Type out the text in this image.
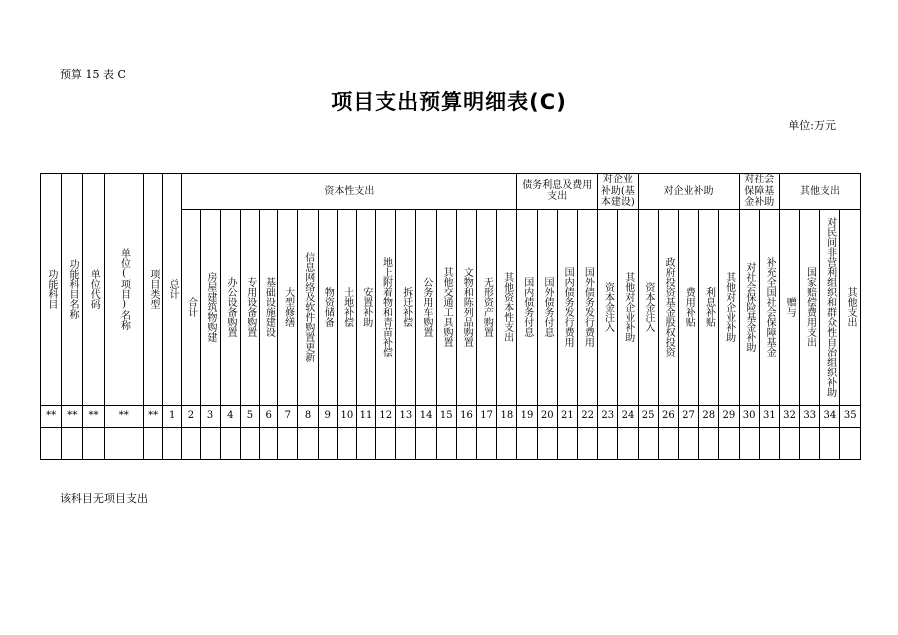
预算 15 表 C
项目支出预算明细表(C)
单位:万元
功能科目	功能科目名称	单位代码	单位(项目)名称	项目类型	总计	资本性支出																	债务利息及费用支出				对企业补助(基本建设)		对企业补助					对社会保障基金补助		其他支出			

						合计	房屋建筑物购建	办公设备购置	专用设备购置	基础设施建设	大型修缮	信息网络及软件购置更新	物资储备	土地补偿	安置补助	地上附着物和青苗补偿	拆迁补偿	公务用车购置	其他交通工具购置	文物和陈列品购置	无形资产购置	其他资本性支出	国内债务付息	国外债务付息	国内债务发行费用	国外债务发行费用	资本金注入	其他对企业补助	资本金注入	政府投资基金股权投资	费用补贴	利息补贴	其他对企业补助	对社会保险基金补助	补充全国社会保障基金	赠与	国家赔偿费用支出	对民间非营利组织和群众性自治组织补助	其他支出

**	**	**	**	**	1	2	3	4	5	6	7	8	9	10	11	12	13	14	15	16	17	18	19	20	21	22	23	24	25	26	27	28	29	30	31	32	33	34	35

该科目无项目支出
